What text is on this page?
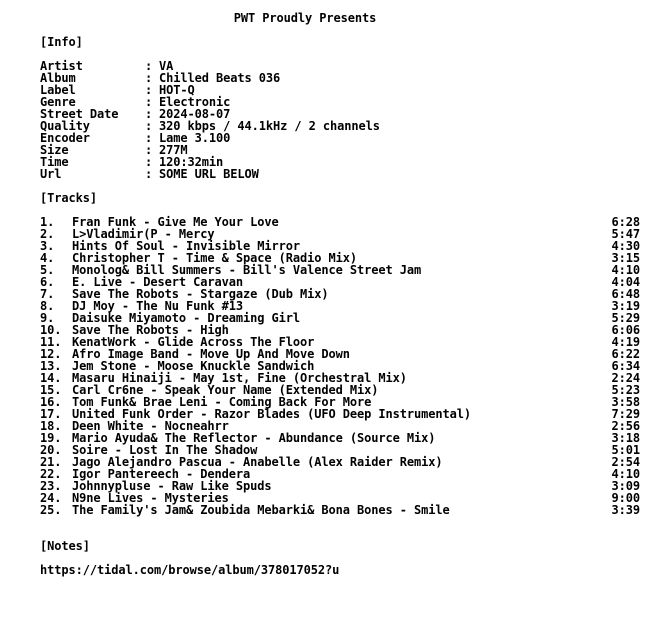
PWT Proudly Presents
[Info]
Artist	: VA
Album	: Chilled Beats 036
Label	: HOT-Q
Genre	: Electronic
Street Date : 2024-08-07
Quality	: 320 kbps / 44.1kHz / 2 channels
Encoder	: Lame 3.100
Size	: 277M
Time	: 120:32min
Url	: SOME URL BELOW
[Tracks]
1. Fran Funk - Give Me Your Love	6:28
2. L>Vladimir(P - Mercy	5:47
3. Hints Of Soul - Invisible Mirror	4:30
4. Christopher T - Time & Space (Radio Mix)	3:15
5. Monolog& Bill Summers - Bill's Valence Street Jam	4:10
6. E. Live - Desert Caravan	4:04
7. Save The Robots - Stargaze (Dub Mix)	6:48
8. DJ Moy - The Nu Funk #13	3:19
9. Daisuke Miyamoto - Dreaming Girl	5:29
10. Save The Robots - High	6:06
11. KenatWork - Glide Across The Floor	4:19
12. Afro Image Band - Move Up And Move Down	6:22
13. Jem Stone - Moose Knuckle Sandwich	6:34
14. Masaru Hinaiji - May 1st, Fine (Orchestral Mix)	2:24
15. Carl Cr6ne - Speak Your Name (Extended Mix)	5:23
16. Tom Funk& Brae Leni - Coming Back For More	3:58
17. United Funk Order - Razor Blades (UFO Deep Instrumental)	7:29
18. Deen White - Nocneahrr	2:56
19. Mario Ayuda& The Reflector - Abundance (Source Mix)	3:18
20. Soire - Lost In The Shadow	5:01
21. Jago Alejandro Pascua - Anabelle (Alex Raider Remix)	2:54
22. Igor Pantereech - Dendera	4:10
23. Johnnypluse - Raw Like Spuds	3:09
24. N9ne Lives - Mysteries	9:00
25. The Family's Jam& Zoubida Mebarki& Bona Bones - Smile	3:39
[Notes]
https://tidal.com/browse/album/378017052?u
